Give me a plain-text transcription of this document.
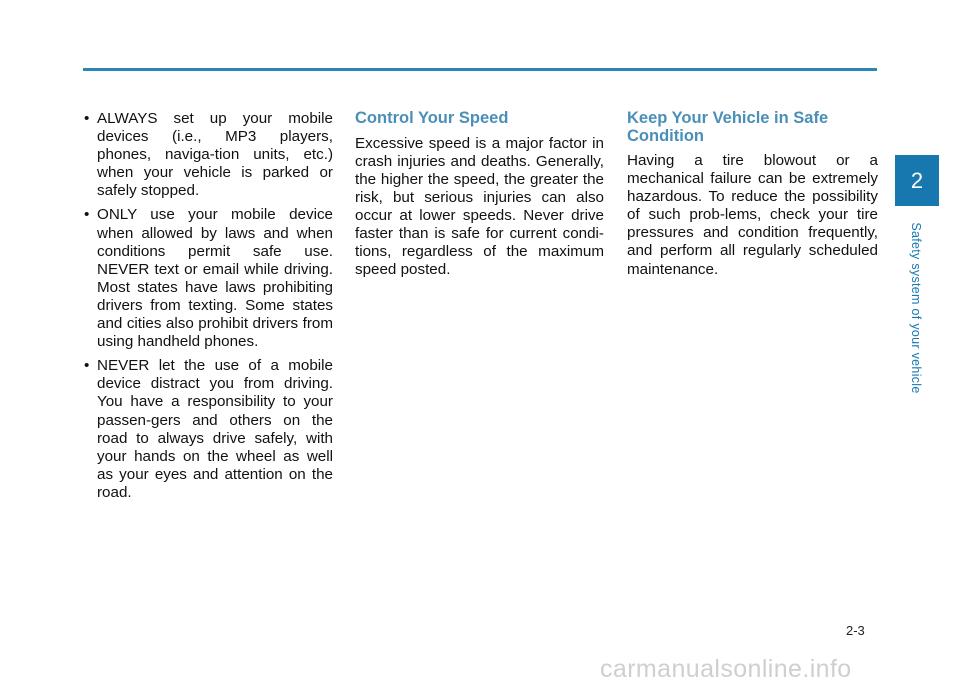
• ALWAYS set up your mobile devices (i.e., MP3 players, phones, naviga-tion units, etc.) when your vehicle is parked or safely stopped.
• ONLY use your mobile device when allowed by laws and when conditions permit safe use. NEVER text or email while driving. Most states have laws prohibiting drivers from texting. Some states and cities also prohibit drivers from using handheld phones.
• NEVER let the use of a mobile device distract you from driving. You have a responsibility to your passen-gers and others on the road to always drive safely, with your hands on the wheel as well as your eyes and attention on the road.
Control Your Speed

Excessive speed is a major factor in crash injuries and deaths. Generally, the higher the speed, the greater the risk, but serious injuries can also occur at lower speeds. Never drive faster than is safe for current condi-tions, regardless of the maximum speed posted.

Keep Your Vehicle in Safe Condition

Having a tire blowout or a mechanical failure can be extremely hazardous. To reduce the possibility of such prob-lems, check your tire pressures and condition frequently, and perform all regularly scheduled maintenance.

2
Safety system of your vehicle
2-3
carmanualsonline.info
